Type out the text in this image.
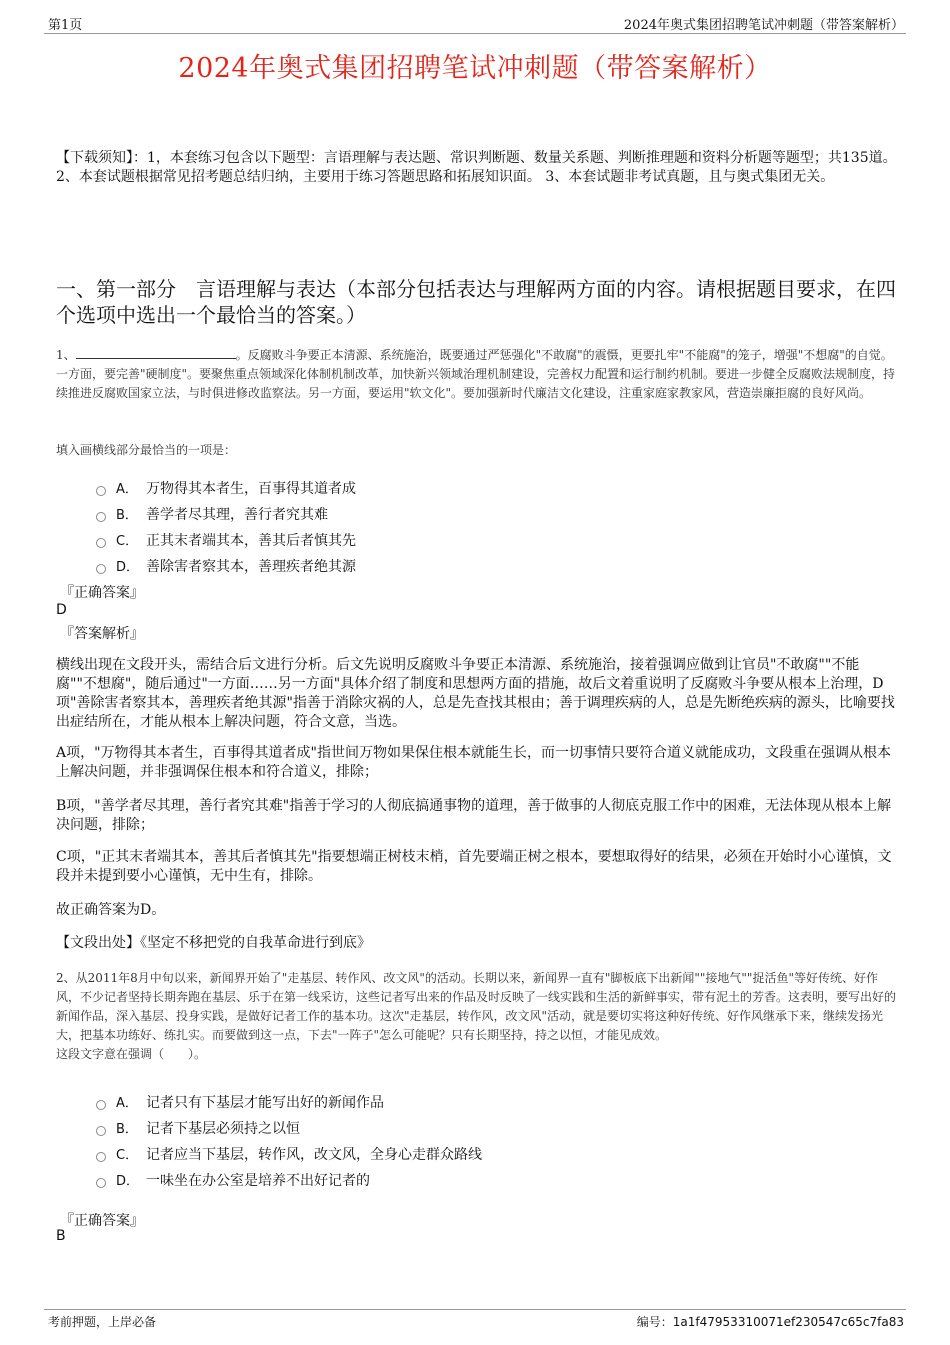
第1页	2024年奥式集团招聘笔试冲刺题（带答案解析）
2024年奥式集团招聘笔试冲刺题（带答案解析）
【下载须知】：1，本套练习包含以下题型：言语理解与表达题、常识判断题、数量关系题、判断推理题和资料分析题等题型；共135道。 2、本套试题根据常见招考题总结归纳，主要用于练习答题思路和拓展知识面。 3、本套试题非考试真题，且与奥式集团无关。
一、第一部分　言语理解与表达（本部分包括表达与理解两方面的内容。请根据题目要求，在四个选项中选出一个最恰当的答案。）
1、	。反腐败斗争要正本清源、系统施治，既要通过严惩强化"不敢腐"的震慑，更要扎牢"不能腐"的笼子，增强"不想腐"的自觉。一方面，要完善"硬制度"。要聚焦重点领域深化体制机制改革，加快新兴领域治理机制建设，完善权力配置和运行制约机制。要进一步健全反腐败法规制度，持续推进反腐败国家立法，与时俱进修改监察法。另一方面，要运用"软文化"。要加强新时代廉洁文化建设，注重家庭家教家风，营造崇廉拒腐的良好风尚。
填入画横线部分最恰当的一项是：
A． 万物得其本者生，百事得其道者成
B． 善学者尽其理，善行者究其难
C． 正其末者端其本，善其后者慎其先
D． 善除害者察其本，善理疾者绝其源
『正确答案』
D
『答案解析』
横线出现在文段开头，需结合后文进行分析。后文先说明反腐败斗争要正本清源、系统施治，接着强调应做到让官员"不敢腐""不能腐""不想腐"，随后通过"一方面……另一方面"具体介绍了制度和思想两方面的措施，故后文着重说明了反腐败斗争要从根本上治理，D项"善除害者察其本，善理疾者绝其源"指善于消除灾祸的人，总是先查找其根由；善于调理疾病的人，总是先断绝疾病的源头，比喻要找出症结所在，才能从根本上解决问题，符合文意，当选。
A项，"万物得其本者生，百事得其道者成"指世间万物如果保住根本就能生长，而一切事情只要符合道义就能成功，文段重在强调从根本上解决问题，并非强调保住根本和符合道义，排除；
B项，"善学者尽其理，善行者究其难"指善于学习的人彻底搞通事物的道理，善于做事的人彻底克服工作中的困难，无法体现从根本上解决问题，排除；
C项，"正其末者端其本，善其后者慎其先"指要想端正树枝末梢，首先要端正树之根本，要想取得好的结果，必须在开始时小心谨慎，文段并未提到要小心谨慎，无中生有，排除。
故正确答案为D。
【文段出处】《坚定不移把党的自我革命进行到底》
2、从2011年8月中旬以来，新闻界开始了"走基层、转作风、改文风"的活动。长期以来，新闻界一直有"脚板底下出新闻""接地气""捉活鱼"等好传统、好作风，不少记者坚持长期奔跑在基层、乐于在第一线采访，这些记者写出来的作品及时反映了一线实践和生活的新鲜事实，带有泥土的芳香。这表明，要写出好的新闻作品，深入基层、投身实践，是做好记者工作的基本功。这次"走基层，转作风，改文风"活动，就是要切实将这种好传统、好作风继承下来，继续发扬光大，把基本功练好、练扎实。而要做到这一点，下去"一阵子"怎么可能呢？只有长期坚持，持之以恒，才能见成效。
这段文字意在强调（　　）。
A． 记者只有下基层才能写出好的新闻作品
B． 记者下基层必须持之以恒
C． 记者应当下基层，转作风，改文风，全身心走群众路线
D． 一味坐在办公室是培养不出好记者的
『正确答案』
B
考前押题，上岸必备	编号：1a1f47953310071ef230547c65c7fa83
